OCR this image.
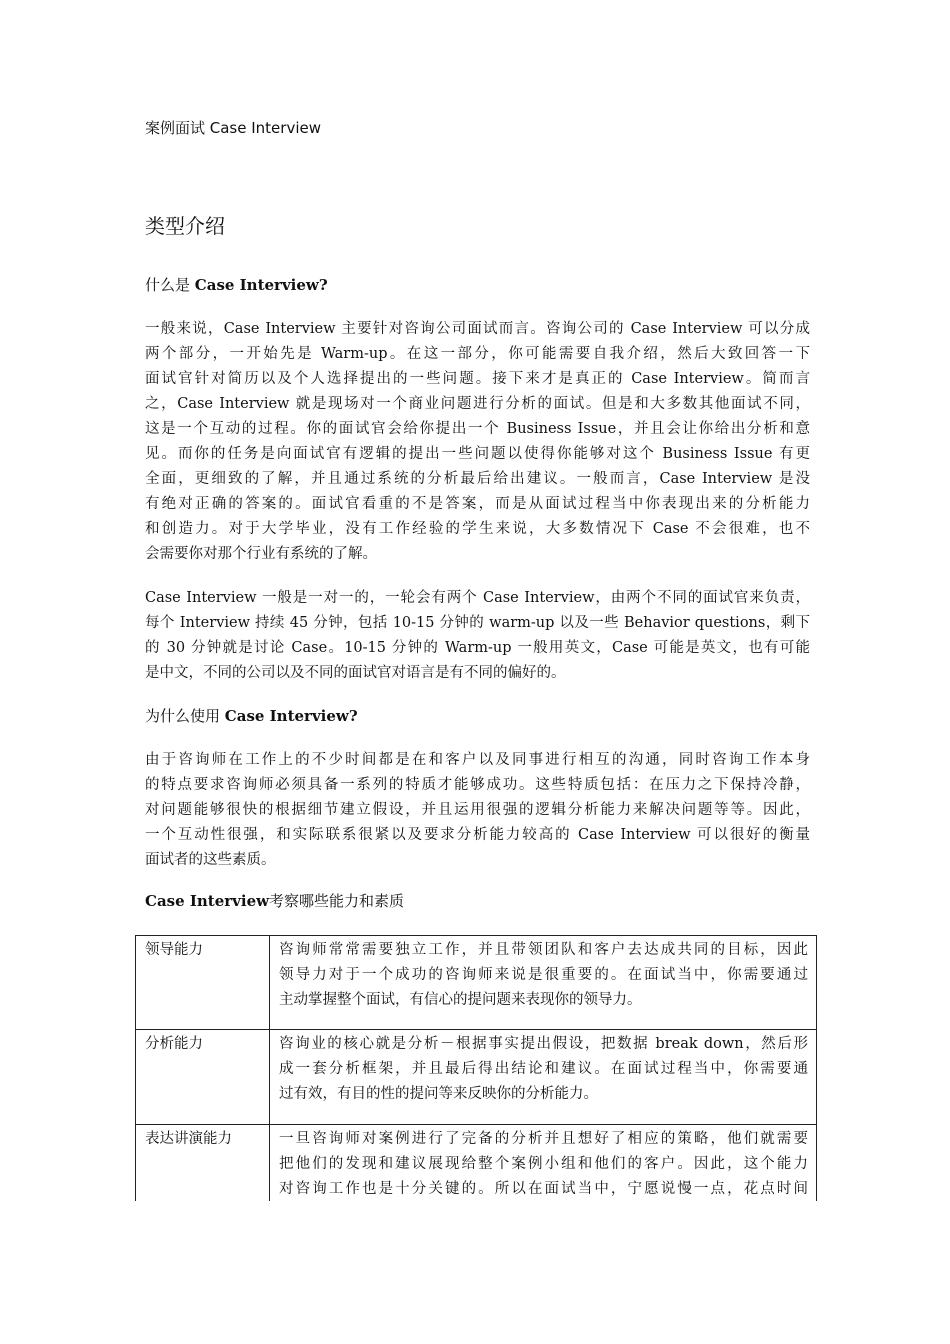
案例面试 Case Interview
类型介绍
什么是 Case Interview?
一般来说，Case Interview 主要针对咨询公司面试而言。咨询公司的 Case Interview 可以分成
两个部分，一开始先是 Warm-up。在这一部分，你可能需要自我介绍，然后大致回答一下
面试官针对简历以及个人选择提出的一些问题。接下来才是真正的 Case Interview。简而言
之，Case Interview 就是现场对一个商业问题进行分析的面试。但是和大多数其他面试不同，
这是一个互动的过程。你的面试官会给你提出一个 Business Issue，并且会让你给出分析和意
见。而你的任务是向面试官有逻辑的提出一些问题以使得你能够对这个 Business Issue 有更
全面，更细致的了解，并且通过系统的分析最后给出建议。一般而言，Case Interview 是没
有绝对正确的答案的。面试官看重的不是答案，而是从面试过程当中你表现出来的分析能力
和创造力。对于大学毕业，没有工作经验的学生来说，大多数情况下 Case 不会很难，也不
会需要你对那个行业有系统的了解。
Case Interview 一般是一对一的，一轮会有两个 Case Interview，由两个不同的面试官来负责，
每个 Interview 持续 45 分钟，包括 10-15 分钟的 warm-up 以及一些 Behavior questions，剩下
的 30 分钟就是讨论 Case。10-15 分钟的 Warm-up 一般用英文，Case 可能是英文，也有可能
是中文，不同的公司以及不同的面试官对语言是有不同的偏好的。
为什么使用 Case Interview?
由于咨询师在工作上的不少时间都是在和客户以及同事进行相互的沟通，同时咨询工作本身
的特点要求咨询师必须具备一系列的特质才能够成功。这些特质包括：在压力之下保持冷静，
对问题能够很快的根据细节建立假设，并且运用很强的逻辑分析能力来解决问题等等。因此，
一个互动性很强，和实际联系很紧以及要求分析能力较高的 Case Interview 可以很好的衡量
面试者的这些素质。
Case Interview考察哪些能力和素质
领导能力	咨询师常常需要独立工作，并且带领团队和客户去达成共同的目标，因此
领导力对于一个成功的咨询师来说是很重要的。在面试当中，你需要通过
主动掌握整个面试，有信心的提问题来表现你的领导力。

分析能力	咨询业的核心就是分析－根据事实提出假设，把数据 break down，然后形
成一套分析框架，并且最后得出结论和建议。在面试过程当中，你需要通
过有效，有目的性的提问等来反映你的分析能力。

表达讲演能力	一旦咨询师对案例进行了完备的分析并且想好了相应的策略，他们就需要
把他们的发现和建议展现给整个案例小组和他们的客户。因此，这个能力
对咨询工作也是十分关键的。所以在面试当中，宁愿说慢一点，花点时间
